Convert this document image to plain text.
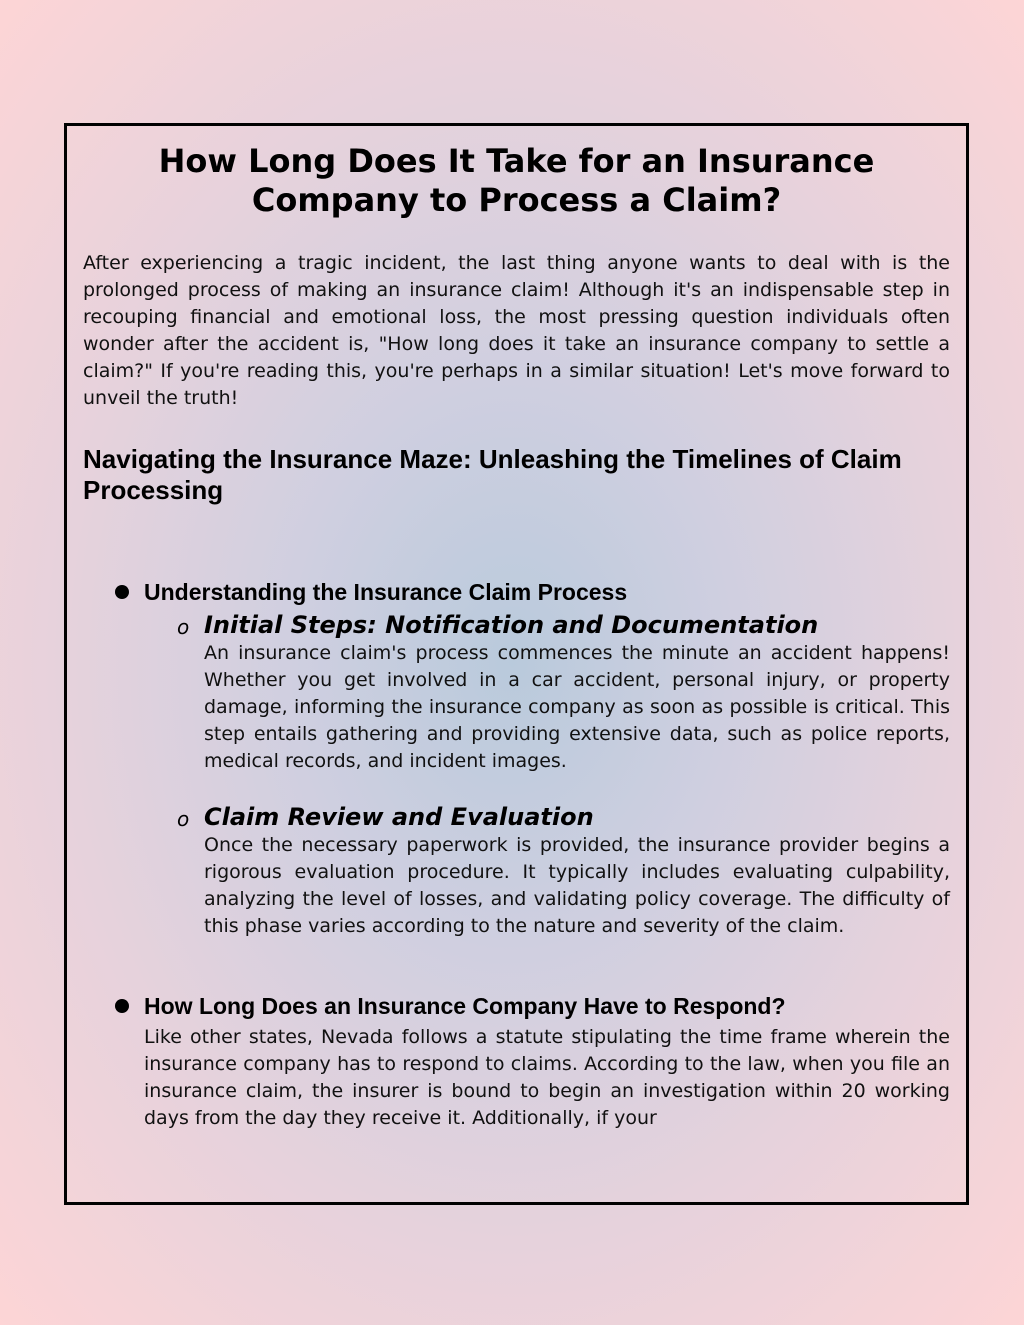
How Long Does It Take for an Insurance Company to Process a Claim?

After experiencing a tragic incident, the last thing anyone wants to deal with is the prolonged process of making an insurance claim! Although it's an indispensable step in recouping financial and emotional loss, the most pressing question individuals often wonder after the accident is, "How long does it take an insurance company to settle a claim?" If you're reading this, you're perhaps in a similar situation! Let's move forward to unveil the truth!

Navigating the Insurance Maze: Unleashing the Timelines of Claim Processing
Understanding the Insurance Claim Process
o Initial Steps: Notification and Documentation

An insurance claim's process commences the minute an accident happens! Whether you get involved in a car accident, personal injury, or property damage, informing the insurance company as soon as possible is critical. This step entails gathering and providing extensive data, such as police reports, medical records, and incident images.

o Claim Review and Evaluation

Once the necessary paperwork is provided, the insurance provider begins a rigorous evaluation procedure. It typically includes evaluating culpability, analyzing the level of losses, and validating policy coverage. The difficulty of this phase varies according to the nature and severity of the claim.

How Long Does an Insurance Company Have to Respond?

Like other states, Nevada follows a statute stipulating the time frame wherein the insurance company has to respond to claims. According to the law, when you file an insurance claim, the insurer is bound to begin an investigation within 20 working days from the day they receive it. Additionally, if your
